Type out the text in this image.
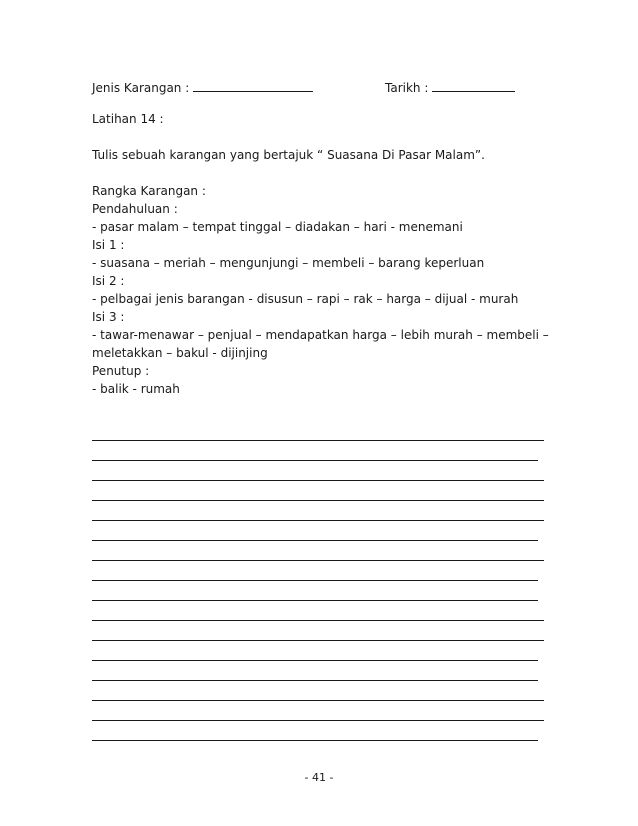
Jenis Karangan :	Tarikh :
Latihan 14 :
Tulis sebuah karangan yang bertajuk “ Suasana Di Pasar Malam”.
Rangka Karangan :
Pendahuluan :
- pasar malam – tempat tinggal – diadakan – hari - menemani
Isi 1 :
- suasana – meriah – mengunjungi – membeli – barang keperluan
Isi 2 :
- pelbagai jenis barangan - disusun – rapi – rak – harga – dijual - murah
Isi 3 :
- tawar-menawar – penjual – mendapatkan harga – lebih murah – membeli –
meletakkan – bakul - dijinjing
Penutup :
- balik - rumah
- 41 -
